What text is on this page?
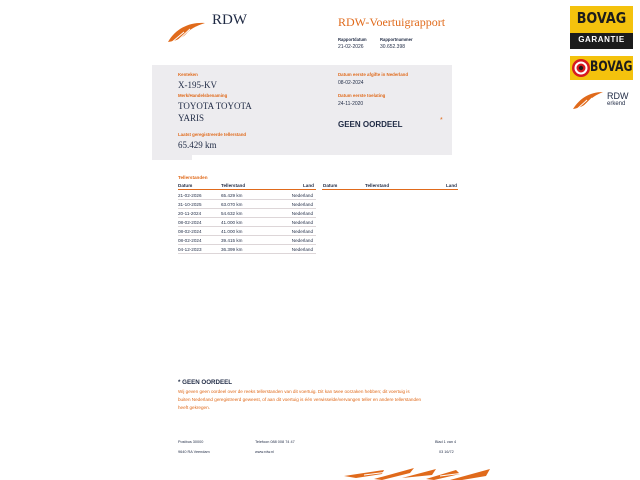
RDW	RDW-Voertuigrapport
Rapportdatum
21-02-2026
Rapportnummer
30.652.398
Kenteken
X-195-KV
Merk/Handelsbenaming
TOYOTA TOYOTA
YARIS
Laatst geregistreerde tellerstand
65.429 km
Datum eerste afgifte in Nederland
08-02-2024
Datum eerste toelating
24-11-2020
GEEN OORDEEL	*
Tellerstanden
Datum	Tellerstand	Land Datum	Tellerstand	Land
21-02-2026	65.429 km	Nederland
31-10-2025	63.070 km	Nederland
20-11-2024	54.632 km	Nederland
08-02-2024	41.000 km	Nederland
08-02-2024	41.000 km	Nederland
08-02-2024	39.415 km	Nederland
04-12-2023	36.399 km	Nederland
* GEEN OORDEEL
Wij geven geen oordeel over de reeks tellerstanden van dit voertuig. Dit kan twee oorzaken hebben; dit voertuig is
buiten Nederland geregistreerd geweest, of aan dit voertuig is één verwisselde/vervangen teller en andere tellerstanden
heeft gekregen.
Postbus 30000
9640 RA Veendam
Telefoon 088 008 74 47
www.rdw.nl
Blad 1 van 4
03 16/72
BOVAG
GARANTIE
BOVAG
RDW
erkend
